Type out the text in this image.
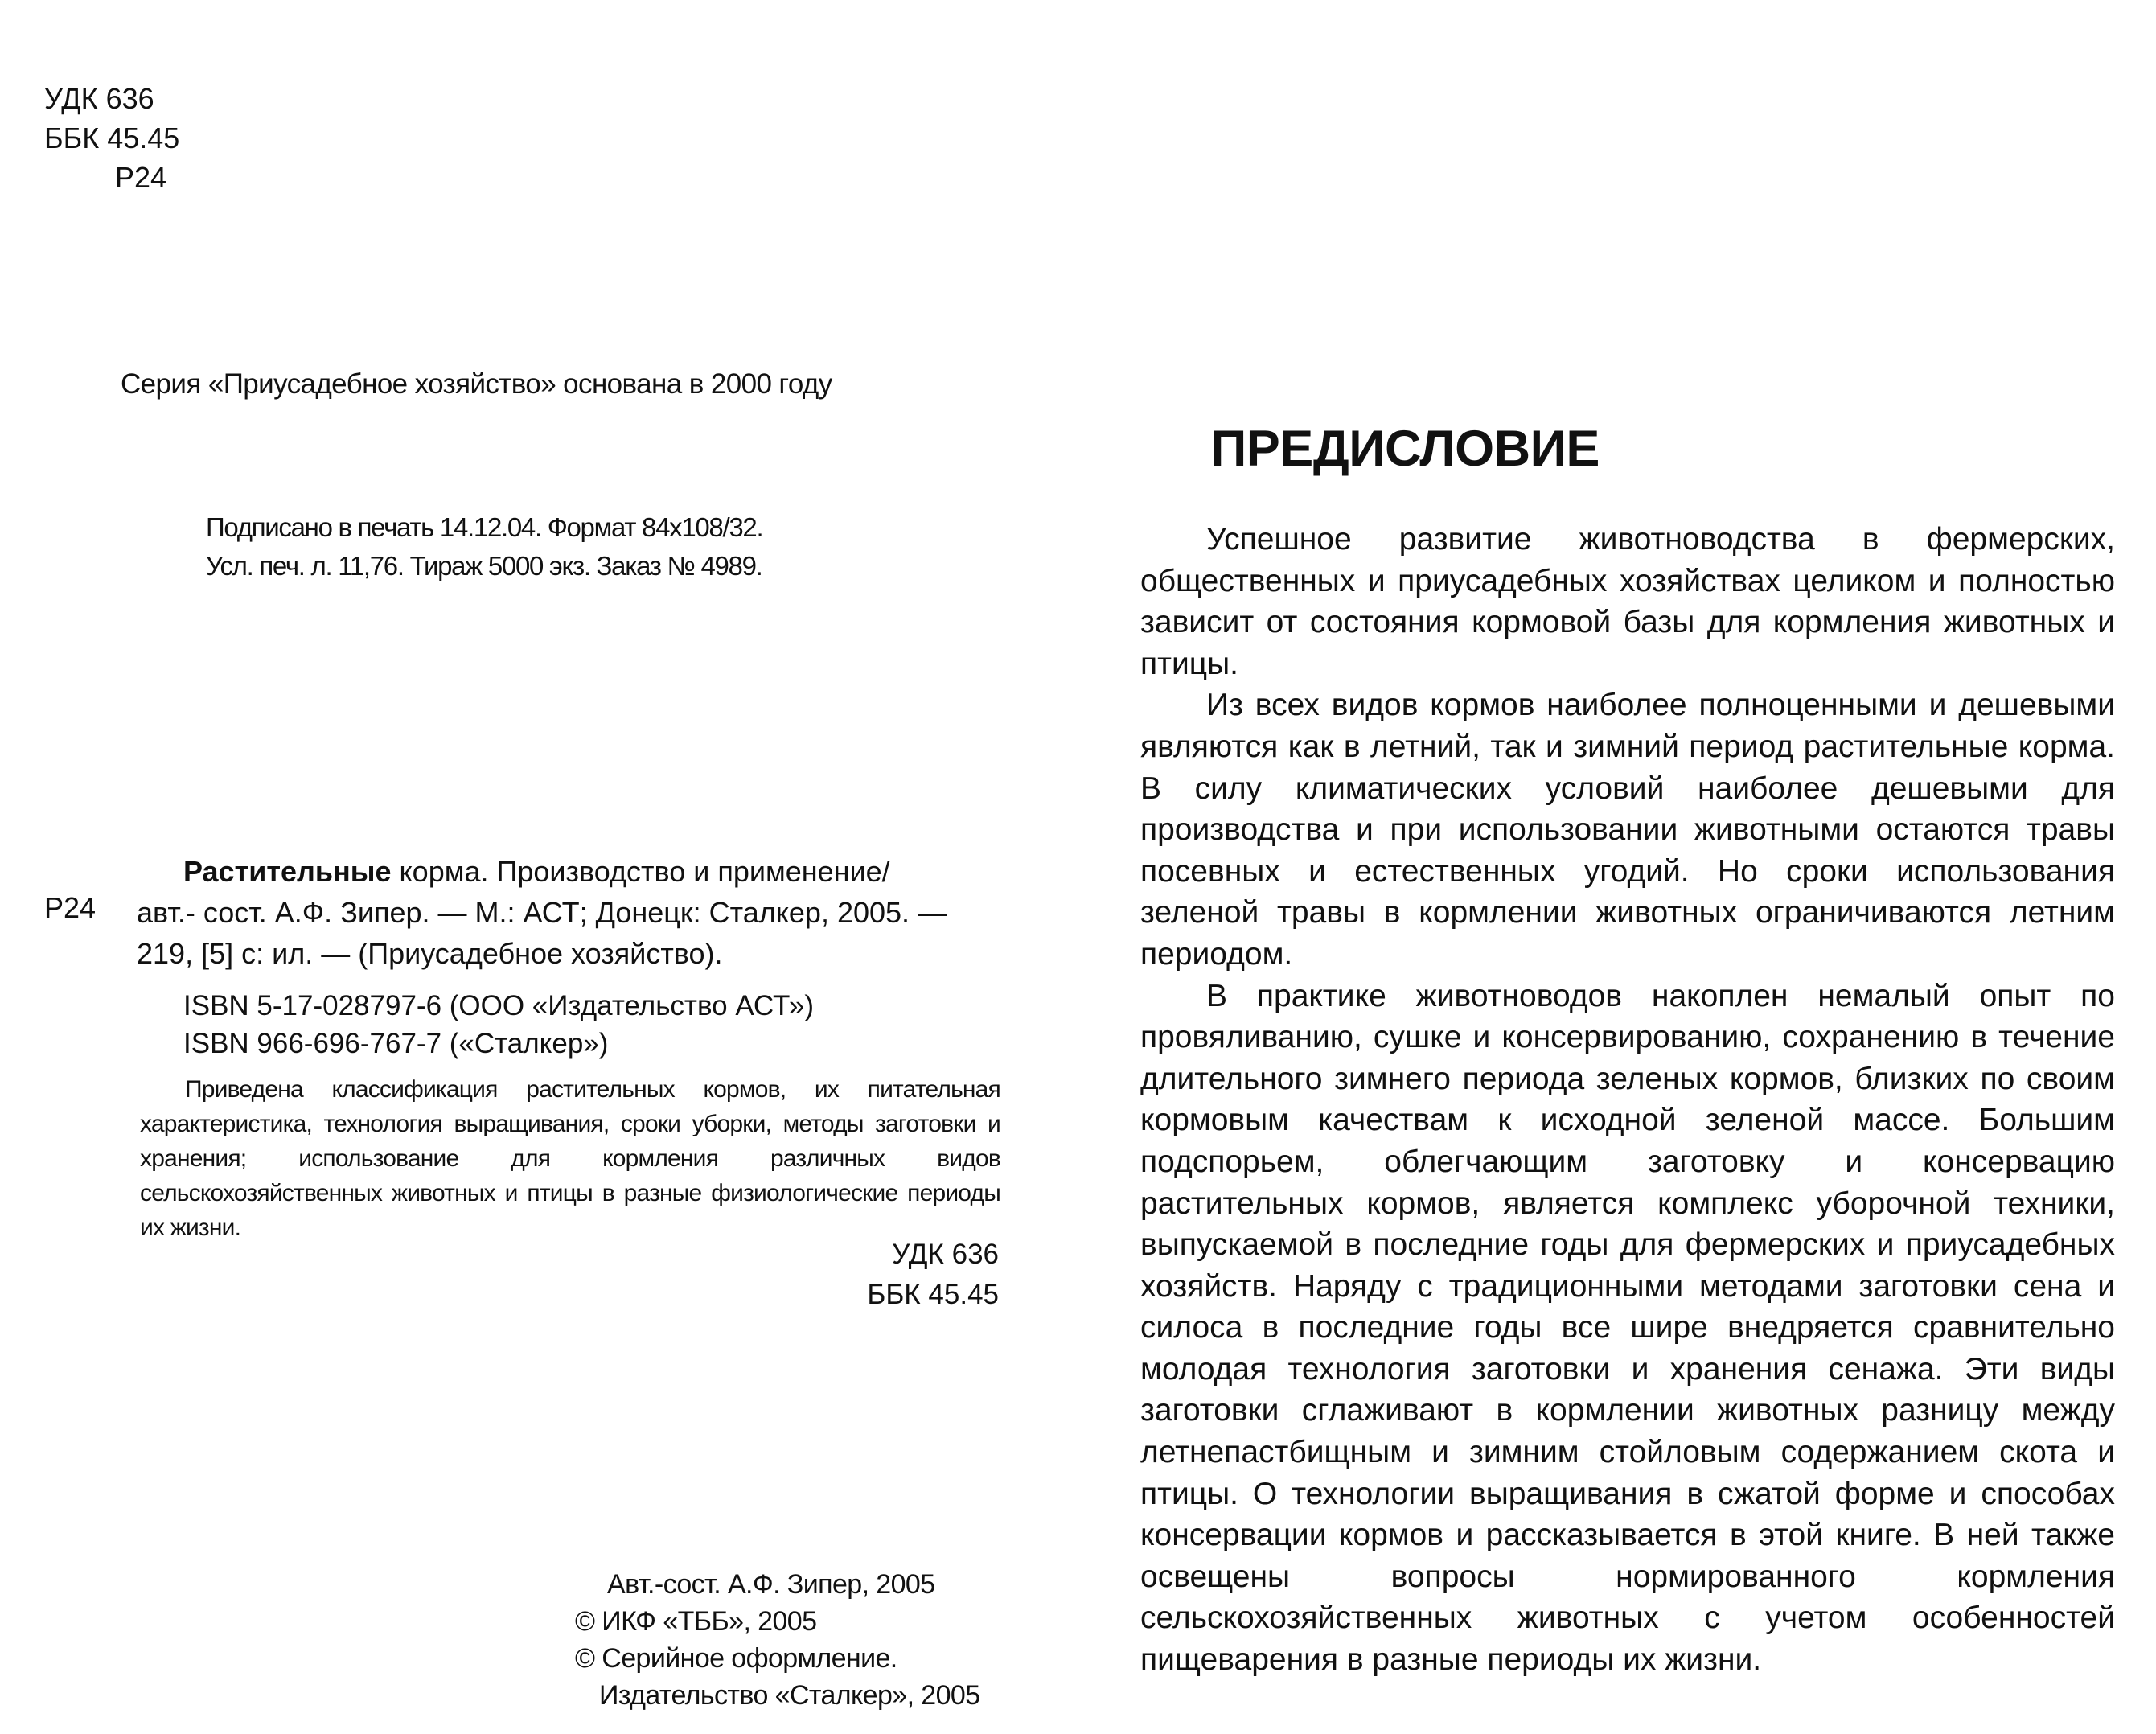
УДК 636
ББК 45.45
Р24
Серия «Приусадебное хозяйство» основана в 2000 году
Подписано в печать 14.12.04. Формат 84x108/32.
Усл. печ. л. 11,76. Тираж 5000 экз. Заказ № 4989.
Р24
Растительные корма. Производство и применение/
авт.- сост. А.Ф. Зипер. — М.: АСТ; Донецк: Сталкер, 2005. —
219, [5] с: ил. — (Приусадебное хозяйство).
ISBN 5-17-028797-6 (ООО «Издательство АСТ»)
ISBN 966-696-767-7 («Сталкер»)
Приведена классификация растительных кормов, их питательная характеристика, технология выращивания, сроки уборки, методы заготовки и хранения; использование для кормления различных видов сельскохозяйственных животных и птицы в разные физиологические периоды их жизни.
УДК 636
ББК 45.45
Авт.-сост. А.Ф. Зипер, 2005
© ИКФ «ТББ», 2005
© Серийное оформление.
Издательство «Сталкер», 2005
ПРЕДИСЛОВИЕ

Успешное развитие животноводства в фермерских, общественных и приусадебных хозяйствах целиком и полностью зависит от состояния кормовой базы для кормления животных и птицы.

Из всех видов кормов наиболее полноценными и дешевыми являются как в летний, так и зимний период растительные корма. В силу климатических условий наиболее дешевыми для производства и при использовании животными остаются травы посевных и естественных угодий. Но сроки использования зеленой травы в кормлении животных ограничиваются летним периодом.

В практике животноводов накоплен немалый опыт по провяливанию, сушке и консервированию, сохранению в течение длительного зимнего периода зеленых кормов, близких по своим кормовым качествам к исходной зеленой массе. Большим подспорьем, облегчающим заготовку и консервацию растительных кормов, является комплекс уборочной техники, выпускаемой в последние годы для фермерских и приусадебных хозяйств. Наряду с традиционными методами заготовки сена и силоса в последние годы все шире внедряется сравнительно молодая технология заготовки и хранения сенажа. Эти виды заготовки сглаживают в кормлении животных разницу между летнепастбищным и зимним стойловым содержанием скота и птицы. О технологии выращивания в сжатой форме и способах консервации кормов и рассказывается в этой книге. В ней также освещены вопросы нормированного кормления сельскохозяйственных животных с учетом особенностей пищеварения в разные периоды их жизни.
